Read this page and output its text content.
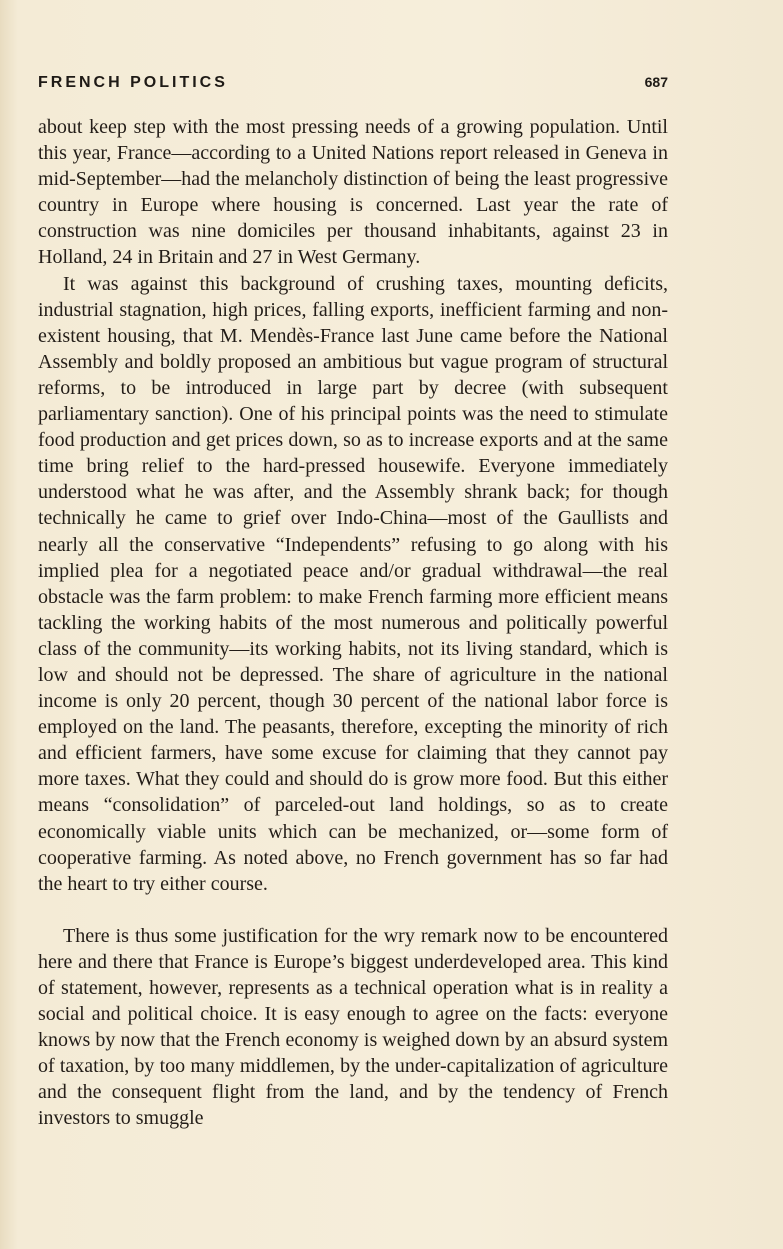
FRENCH POLITICS	687

about keep step with the most pressing needs of a growing population. Until this year, France—according to a United Nations report released in Geneva in mid-September—had the melancholy distinction of being the least progressive country in Europe where housing is concerned. Last year the rate of construction was nine domiciles per thousand inhabitants, against 23 in Holland, 24 in Britain and 27 in West Germany.

It was against this background of crushing taxes, mounting deficits, industrial stagnation, high prices, falling exports, inefficient farming and non-existent housing, that M. Mendès-France last June came before the National Assembly and boldly proposed an ambitious but vague program of structural reforms, to be introduced in large part by decree (with subsequent parliamentary sanction). One of his principal points was the need to stimulate food production and get prices down, so as to increase exports and at the same time bring relief to the hard-pressed housewife. Everyone immediately understood what he was after, and the Assembly shrank back; for though technically he came to grief over Indo-China—most of the Gaullists and nearly all the conservative “Independents” refusing to go along with his implied plea for a negotiated peace and/or gradual withdrawal—the real obstacle was the farm problem: to make French farming more efficient means tackling the working habits of the most numerous and politically powerful class of the community—its working habits, not its living standard, which is low and should not be depressed. The share of agriculture in the national income is only 20 percent, though 30 percent of the national labor force is employed on the land. The peasants, therefore, excepting the minority of rich and efficient farmers, have some excuse for claiming that they cannot pay more taxes. What they could and should do is grow more food. But this either means “consolidation” of parceled-out land holdings, so as to create economically viable units which can be mechanized, or—some form of cooperative farming. As noted above, no French government has so far had the heart to try either course.

There is thus some justification for the wry remark now to be encountered here and there that France is Europe’s biggest underdeveloped area. This kind of statement, however, represents as a technical operation what is in reality a social and political choice. It is easy enough to agree on the facts: everyone knows by now that the French economy is weighed down by an absurd system of taxation, by too many middlemen, by the under-capitalization of agriculture and the consequent flight from the land, and by the tendency of French investors to smuggle
